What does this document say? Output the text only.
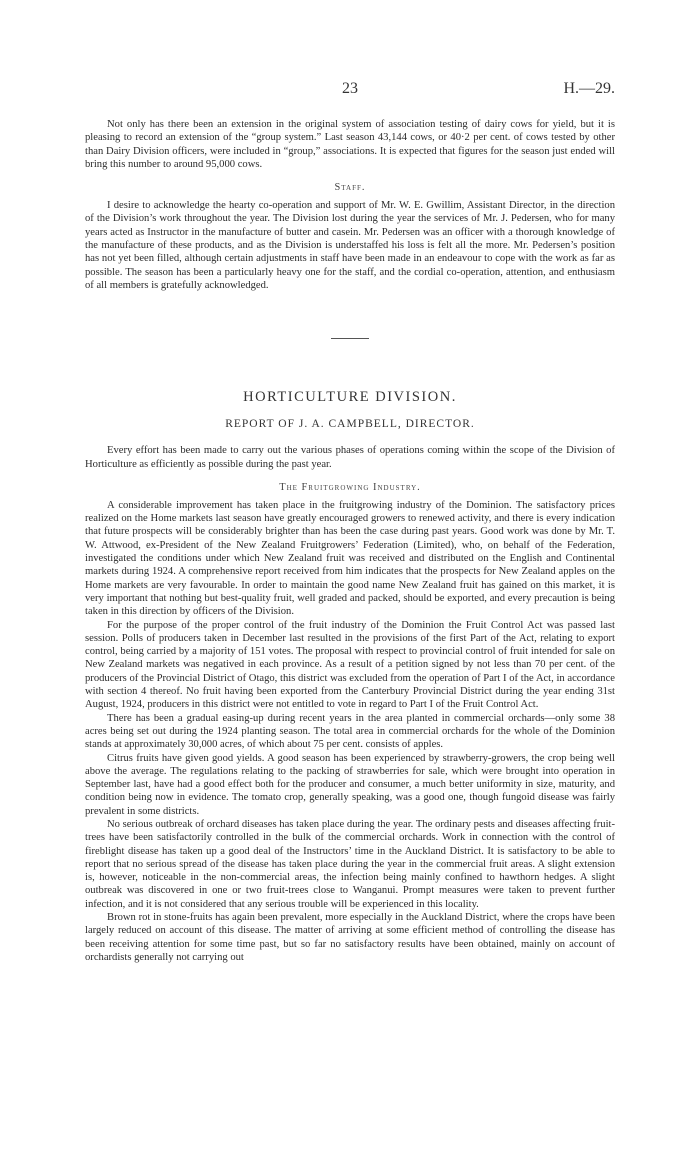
23	H.—29.

Not only has there been an extension in the original system of association testing of dairy cows for yield, but it is pleasing to record an extension of the “group system.” Last season 43,144 cows, or 40·2 per cent. of cows tested by other than Dairy Division officers, were included in “group,” associations. It is expected that figures for the season just ended will bring this number to around 95,000 cows.

Staff.

I desire to acknowledge the hearty co-operation and support of Mr. W. E. Gwillim, Assistant Director, in the direction of the Division’s work throughout the year. The Division lost during the year the services of Mr. J. Pedersen, who for many years acted as Instructor in the manufacture of butter and casein. Mr. Pedersen was an officer with a thorough knowledge of the manufacture of these products, and as the Division is understaffed his loss is felt all the more. Mr. Pedersen’s position has not yet been filled, although certain adjustments in staff have been made in an endeavour to cope with the work as far as possible. The season has been a particularly heavy one for the staff, and the cordial co-operation, attention, and enthusiasm of all members is gratefully acknowledged.

HORTICULTURE DIVISION.
REPORT OF J. A. CAMPBELL, DIRECTOR.

Every effort has been made to carry out the various phases of operations coming within the scope of the Division of Horticulture as efficiently as possible during the past year.

The Fruitgrowing Industry.

A considerable improvement has taken place in the fruitgrowing industry of the Dominion. The satisfactory prices realized on the Home markets last season have greatly encouraged growers to renewed activity, and there is every indication that future prospects will be considerably brighter than has been the case during past years. Good work was done by Mr. T. W. Attwood, ex-President of the New Zealand Fruitgrowers’ Federation (Limited), who, on behalf of the Federation, investigated the conditions under which New Zealand fruit was received and distributed on the English and Continental markets during 1924. A comprehensive report received from him indicates that the prospects for New Zealand apples on the Home markets are very favourable. In order to maintain the good name New Zealand fruit has gained on this market, it is very important that nothing but best-quality fruit, well graded and packed, should be exported, and every precaution is being taken in this direction by officers of the Division.

For the purpose of the proper control of the fruit industry of the Dominion the Fruit Control Act was passed last session. Polls of producers taken in December last resulted in the provisions of the first Part of the Act, relating to export control, being carried by a majority of 151 votes. The proposal with respect to provincial control of fruit intended for sale on New Zealand markets was negatived in each province. As a result of a petition signed by not less than 70 per cent. of the producers of the Provincial District of Otago, this district was excluded from the operation of Part I of the Act, in accordance with section 4 thereof. No fruit having been exported from the Canterbury Provincial District during the year ending 31st August, 1924, producers in this district were not entitled to vote in regard to Part I of the Fruit Control Act.

There has been a gradual easing-up during recent years in the area planted in commercial orchards—only some 38 acres being set out during the 1924 planting season. The total area in commercial orchards for the whole of the Dominion stands at approximately 30,000 acres, of which about 75 per cent. consists of apples.

Citrus fruits have given good yields. A good season has been experienced by strawberry-growers, the crop being well above the average. The regulations relating to the packing of strawberries for sale, which were brought into operation in September last, have had a good effect both for the producer and consumer, a much better uniformity in size, maturity, and condition being now in evidence. The tomato crop, generally speaking, was a good one, though fungoid disease was fairly prevalent in some districts.

No serious outbreak of orchard diseases has taken place during the year. The ordinary pests and diseases affecting fruit-trees have been satisfactorily controlled in the bulk of the commercial orchards. Work in connection with the control of fireblight disease has taken up a good deal of the Instructors’ time in the Auckland District. It is satisfactory to be able to report that no serious spread of the disease has taken place during the year in the commercial fruit areas. A slight extension is, however, noticeable in the non-commercial areas, the infection being mainly confined to hawthorn hedges. A slight outbreak was discovered in one or two fruit-trees close to Wanganui. Prompt measures were taken to prevent further infection, and it is not considered that any serious trouble will be experienced in this locality.

Brown rot in stone-fruits has again been prevalent, more especially in the Auckland District, where the crops have been largely reduced on account of this disease. The matter of arriving at some efficient method of controlling the disease has been receiving attention for some time past, but so far no satisfactory results have been obtained, mainly on account of orchardists generally not carrying out
